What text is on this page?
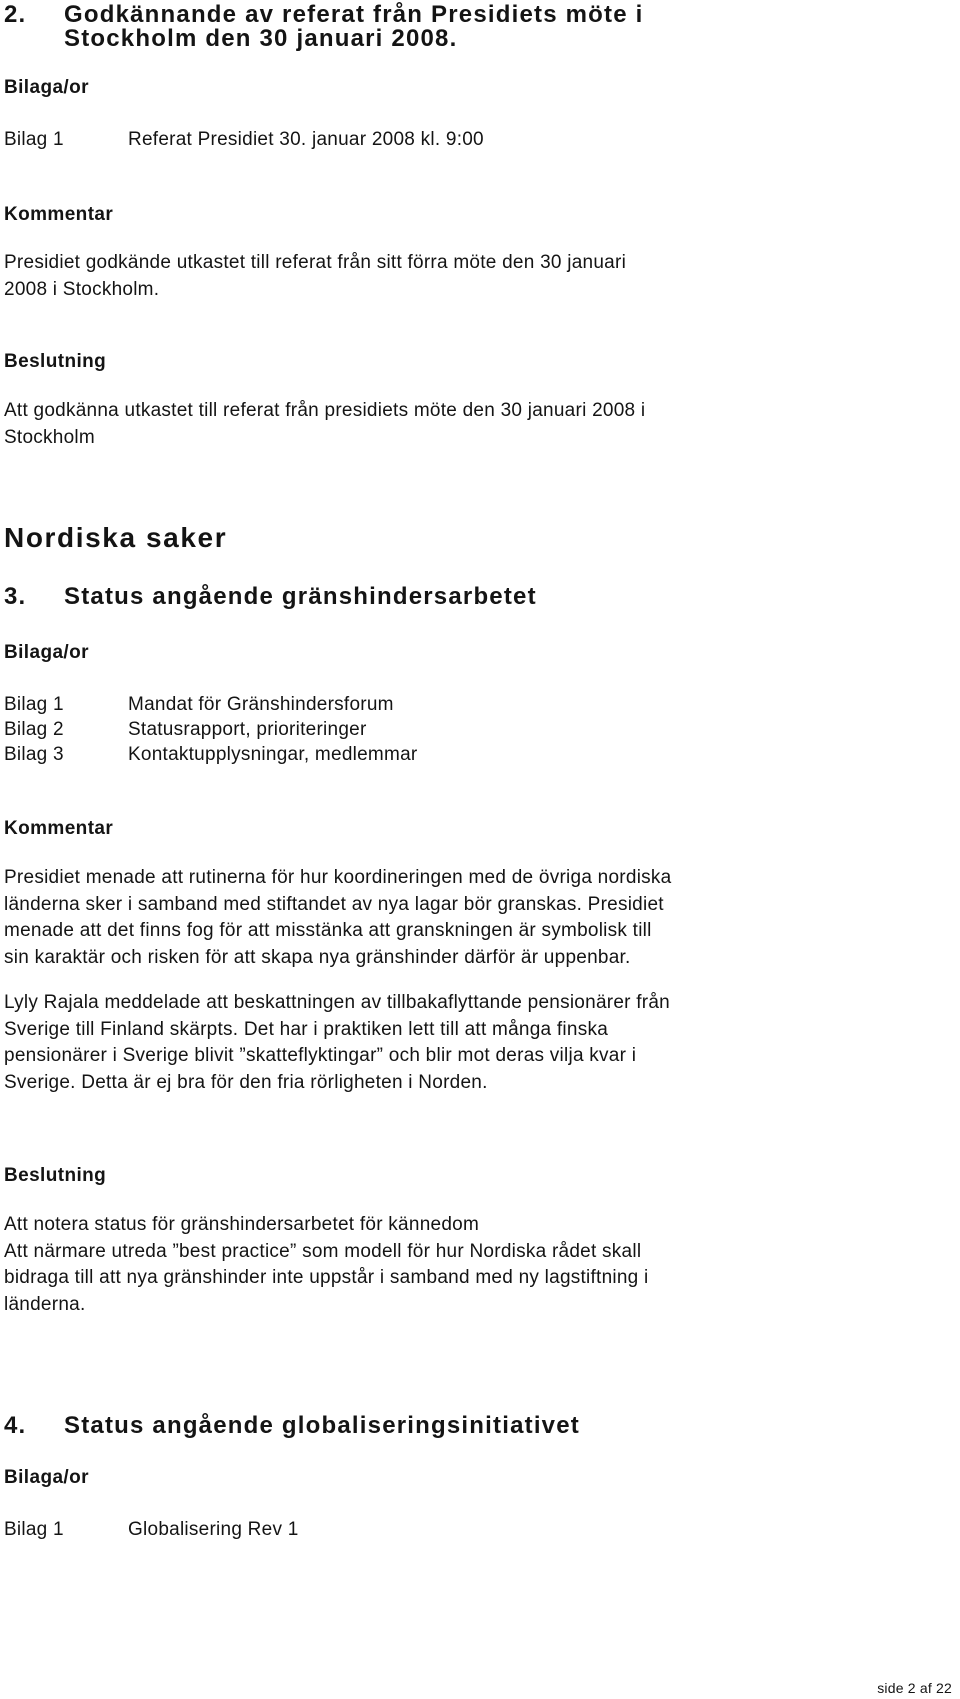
2. Godkännande av referat från Presidiets möte i
Stockholm den 30 januari 2008.
Bilaga/or
Bilag 1	Referat Presidiet 30. januar 2008 kl. 9:00
Kommentar
Presidiet godkände utkastet till referat från sitt förra möte den 30 januari
2008 i Stockholm.
Beslutning
Att godkänna utkastet till referat från presidiets möte den 30 januari 2008 i
Stockholm
Nordiska saker
3. Status angående gränshindersarbetet
Bilaga/or
Bilag 1	Mandat för Gränshindersforum
Bilag 2	Statusrapport, prioriteringer
Bilag 3	Kontaktupplysningar, medlemmar
Kommentar
Presidiet menade att rutinerna för hur koordineringen med de övriga nordiska
länderna sker i samband med stiftandet av nya lagar bör granskas. Presidiet
menade att det finns fog för att misstänka att granskningen är symbolisk till
sin karaktär och risken för att skapa nya gränshinder därför är uppenbar.
Lyly Rajala meddelade att beskattningen av tillbakaflyttande pensionärer från
Sverige till Finland skärpts. Det har i praktiken lett till att många finska
pensionärer i Sverige blivit ”skatteflyktingar” och blir mot deras vilja kvar i
Sverige. Detta är ej bra för den fria rörligheten i Norden.
Beslutning
Att notera status för gränshindersarbetet för kännedom
Att närmare utreda ”best practice” som modell för hur Nordiska rådet skall
bidraga till att nya gränshinder inte uppstår i samband med ny lagstiftning i
länderna.
4. Status angående globaliseringsinitiativet
Bilaga/or
Bilag 1	Globalisering Rev 1
side 2 af 22
